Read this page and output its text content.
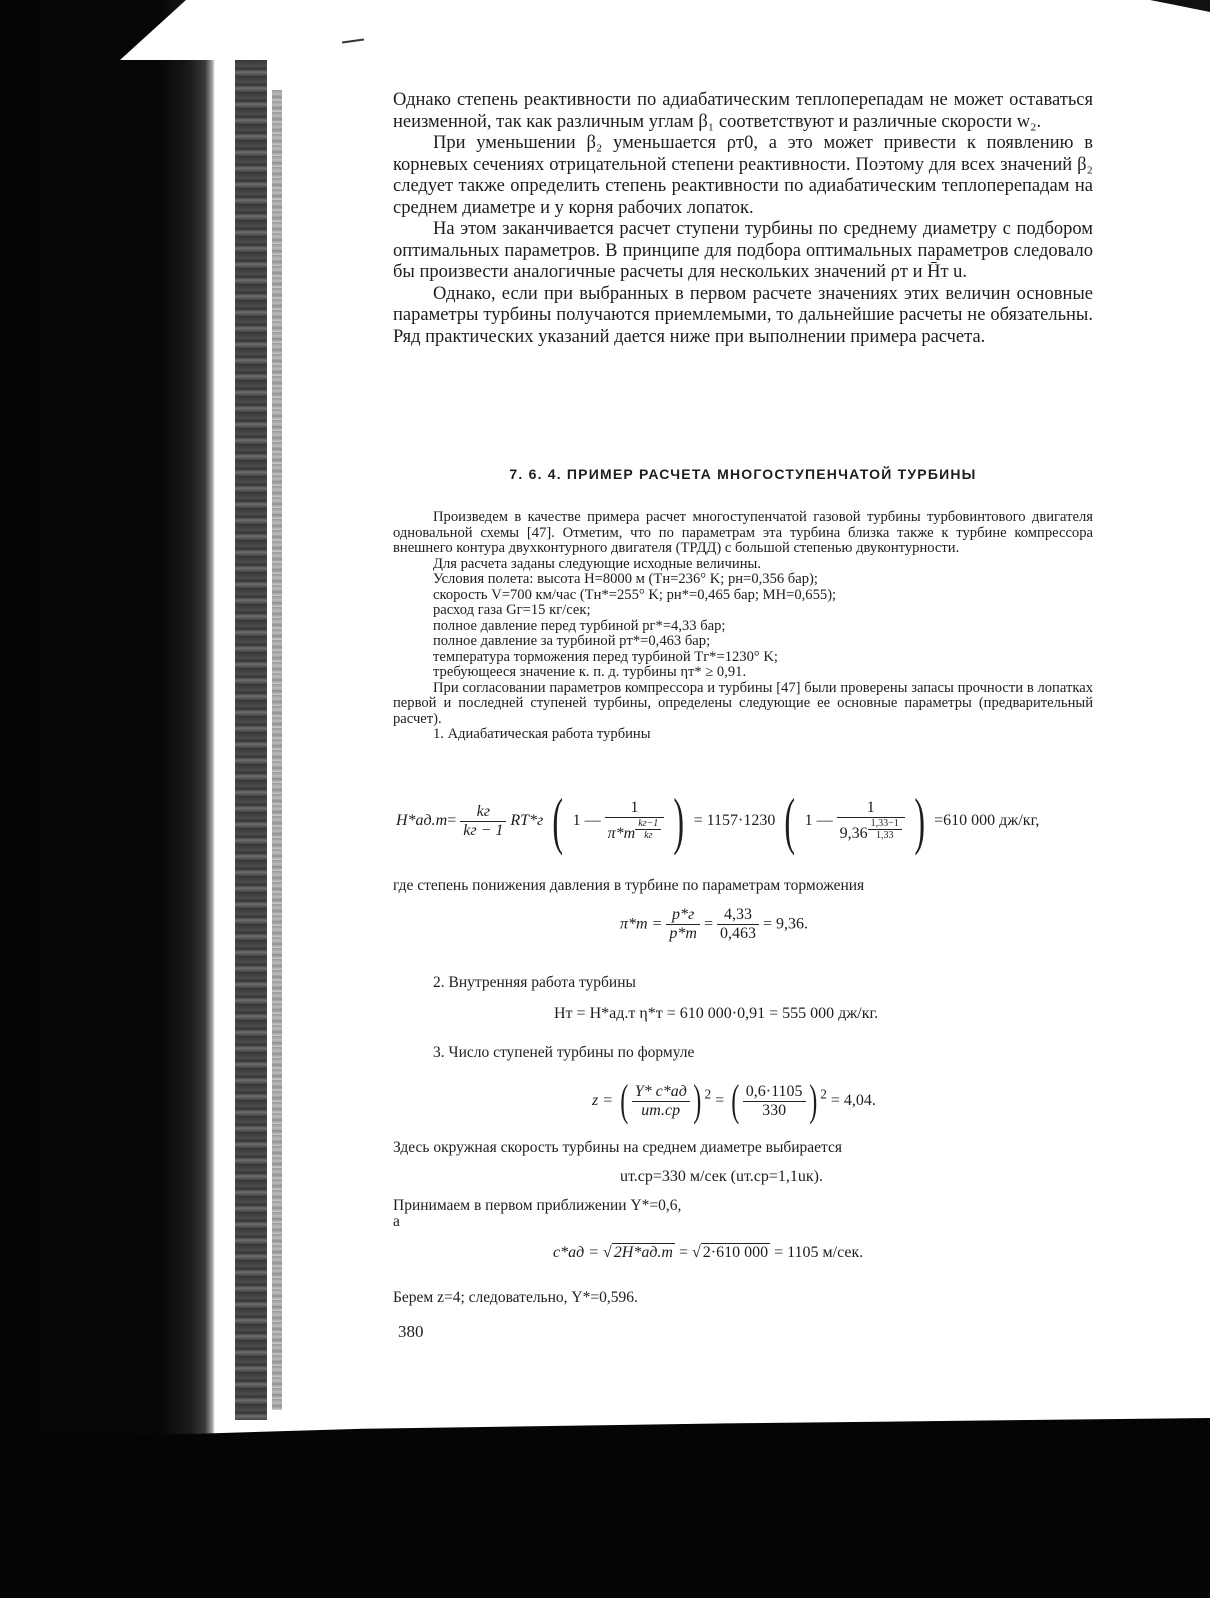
Однако степень реактивности по адиабатическим теплоперепадам не может оставаться неизменной, так как различным углам β₁ соответствуют и различные скорости w₂.

При уменьшении β₂ уменьшается ρт0, а это может привести к появлению в корневых сечениях отрицательной степени реактивности. Поэтому для всех значений β₂ следует также определить степень реактивности по адиабатическим теплоперепадам на среднем диаметре и у корня рабочих лопаток.

На этом заканчивается расчет ступени турбины по среднему диаметру с подбором оптимальных параметров. В принципе для подбора оптимальных параметров следовало бы произвести аналогичные расчеты для нескольких значений ρт и H̄т u.

Однако, если при выбранных в первом расчете значениях этих величин основные параметры турбины получаются приемлемыми, то дальнейшие расчеты не обязательны. Ряд практических указаний дается ниже при выполнении примера расчета.

7. 6. 4. ПРИМЕР РАСЧЕТА МНОГОСТУПЕНЧАТОЙ ТУРБИНЫ

Произведем в качестве примера расчет многоступенчатой газовой турбины турбовинтового двигателя одновальной схемы [47]. Отметим, что по параметрам эта турбина близка также к турбине компрессора внешнего контура двухконтурного двигателя (ТРДД) с большой степенью двуконтурности.

Для расчета заданы следующие исходные величины.

Условия полета: высота H=8000 м (Tн=236° K; pн=0,356 бар);

скорость V=700 км/час (Tн*=255° K; pн*=0,465 бар; MH=0,655);

расход газа Gг=15 кг/сек;

полное давление перед турбиной pг*=4,33 бар;

полное давление за турбиной pт*=0,463 бар;

температура торможения перед турбиной Tг*=1230° K;

требующееся значение к. п. д. турбины ηт* ≥ 0,91.

При согласовании параметров компрессора и турбины [47] были проверены запасы прочности в лопатках первой и последней ступеней турбины, определены следующие ее основные параметры (предварительный расчет).

1. Адиабатическая работа турбины

$H*ад.т= \frac{kг}{kг - 1} RT*г$ ( 1 — 1
π*т $^{\frac{kг-1}{kг}}$ ) = 1157·1230 ( 1 — 1
9,36 $^{\frac{1,33-1}{1,33}}$ ) =610 000 дж/кг,

где степень понижения давления в турбине по параметрам торможения

$\pi*т = \frac{p*г}{p*т} = \frac{4,33}{0,463} = 9,36$.

2. Внутренняя работа турбины

Hт = H*ад.т η*т = 610 000·0,91 = 555 000 дж/кг.

3. Число ступеней турбины по формуле

z = ( $\frac{Y* c*ад}{uт.ср}$ ) $^2$ = ( $\frac{0,6\cdot 1105}{330}$ ) $^2$ = 4,04.

Здесь окружная скорость турбины на среднем диаметре выбирается

uт.ср=330 м/сек (uт.ср=1,1uк).

Принимаем в первом приближении Y*=0,6,

а

c*ад = √ 2H*ад.т = √ 2·610 000 = 1105 м/сек.

Берем z=4; следовательно, Y*=0,596.

380
